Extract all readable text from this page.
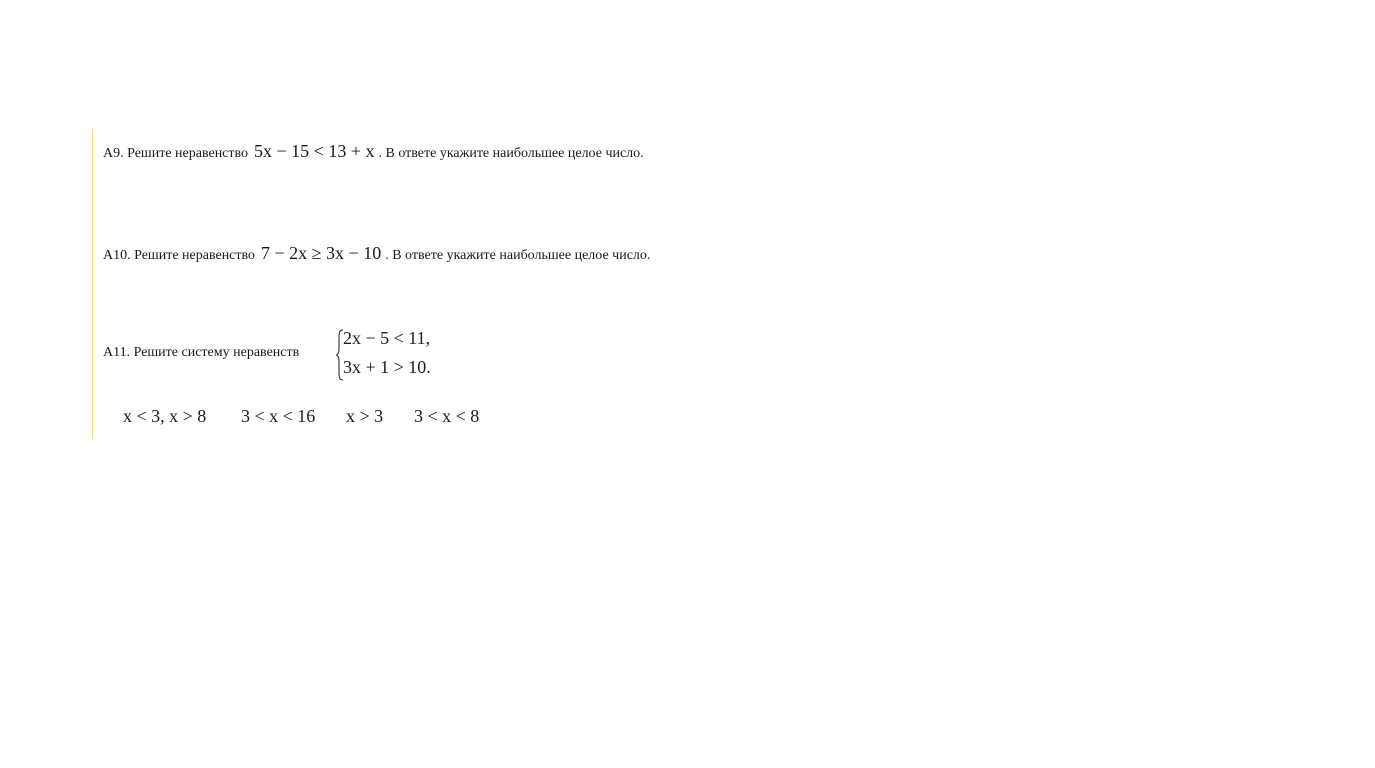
А9. Решите неравенство 5x − 15 < 13 + x . В ответе укажите наибольшее целое число.
А10. Решите неравенство 7 − 2x ≥ 3x − 10 . В ответе укажите наибольшее целое число.
А11. Решите систему неравенств
2x − 5 < 11,
3x + 1 > 10.
x < 3, x > 8 3 < x < 16 x > 3 3 < x < 8
